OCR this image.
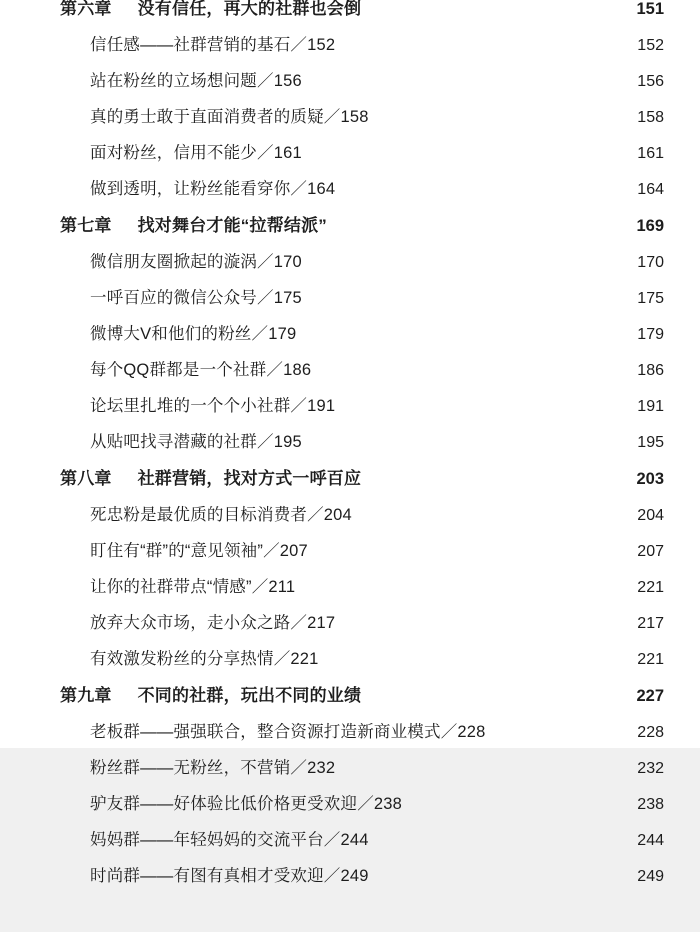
第六章 没有信任，再大的社群也会倒	151
信任感——社群营销的基石／152	152
站在粉丝的立场想问题／156	156
真的勇士敢于直面消费者的质疑／158	158
面对粉丝，信用不能少／161	161
做到透明，让粉丝能看穿你／164	164
第七章 找对舞台才能“拉帮结派”	169
微信朋友圈掀起的漩涡／170	170
一呼百应的微信公众号／175	175
微博大V和他们的粉丝／179	179
每个QQ群都是一个社群／186	186
论坛里扎堆的一个个小社群／191	191
从贴吧找寻潜藏的社群／195	195
第八章 社群营销，找对方式一呼百应	203
死忠粉是最优质的目标消费者／204	204
盯住有“群”的“意见领袖”／207	207
让你的社群带点“情感”／211	221
放弃大众市场，走小众之路／217	217
有效激发粉丝的分享热情／221	221
第九章 不同的社群，玩出不同的业绩	227
老板群——强强联合，整合资源打造新商业模式／228	228
粉丝群——无粉丝，不营销／232	232
驴友群——好体验比低价格更受欢迎／238	238
妈妈群——年轻妈妈的交流平台／244	244
时尚群——有图有真相才受欢迎／249	249
